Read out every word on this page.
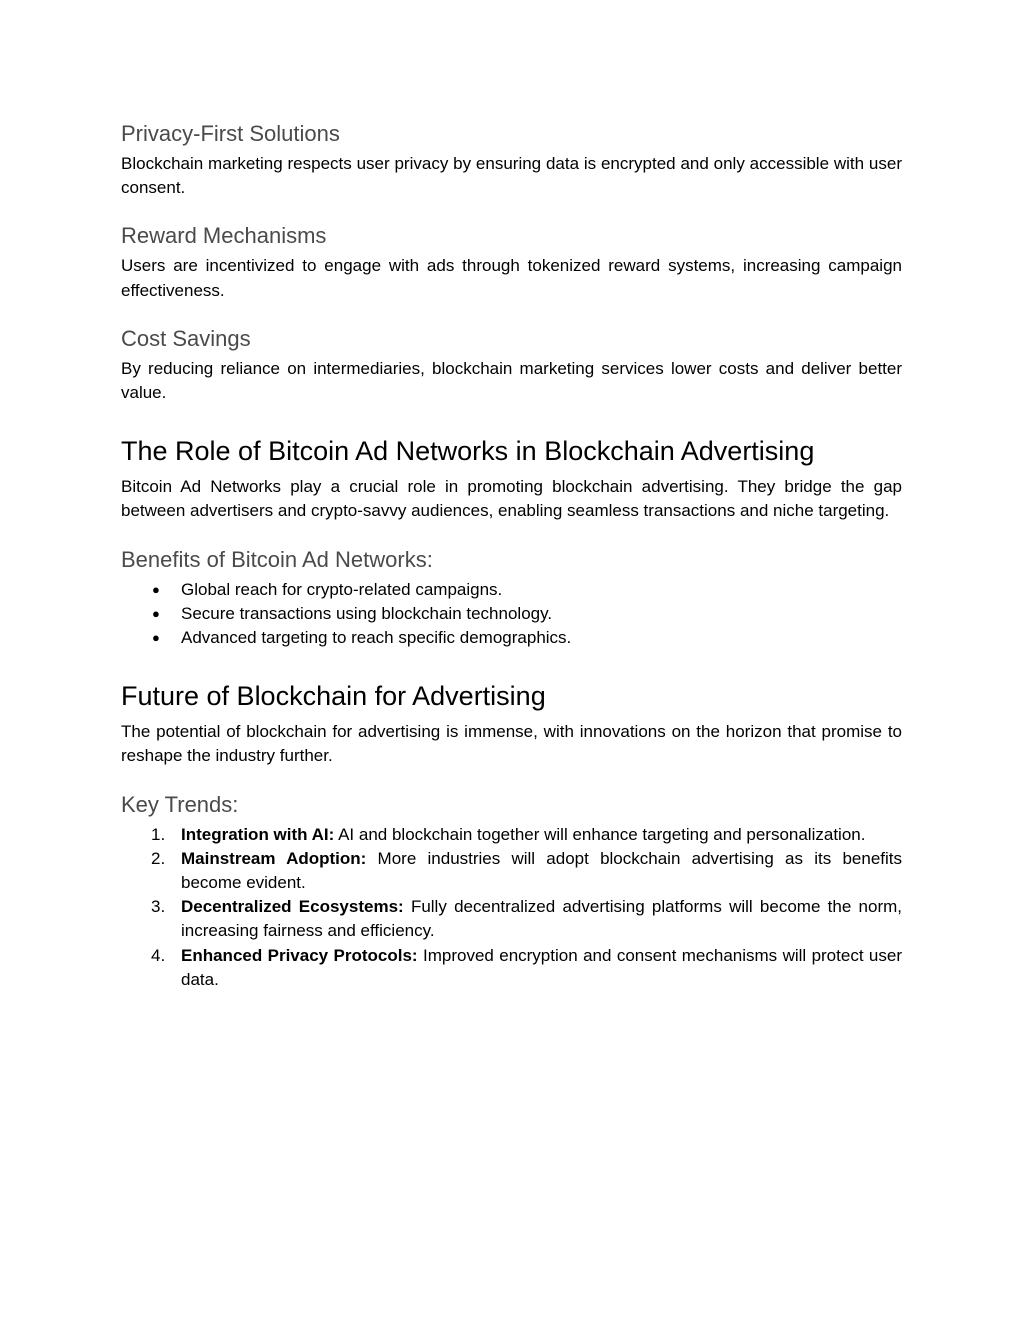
Privacy-First Solutions

Blockchain marketing respects user privacy by ensuring data is encrypted and only accessible with user consent.

Reward Mechanisms

Users are incentivized to engage with ads through tokenized reward systems, increasing campaign effectiveness.

Cost Savings

By reducing reliance on intermediaries, blockchain marketing services lower costs and deliver better value.

The Role of Bitcoin Ad Networks in Blockchain Advertising

Bitcoin Ad Networks play a crucial role in promoting blockchain advertising. They bridge the gap between advertisers and crypto-savvy audiences, enabling seamless transactions and niche targeting.

Benefits of Bitcoin Ad Networks:
● Global reach for crypto-related campaigns.
● Secure transactions using blockchain technology.
● Advanced targeting to reach specific demographics.
Future of Blockchain for Advertising

The potential of blockchain for advertising is immense, with innovations on the horizon that promise to reshape the industry further.

Key Trends:
1. Integration with AI: AI and blockchain together will enhance targeting and personalization.
2. Mainstream Adoption: More industries will adopt blockchain advertising as its benefits become evident.
3. Decentralized Ecosystems: Fully decentralized advertising platforms will become the norm, increasing fairness and efficiency.
4. Enhanced Privacy Protocols: Improved encryption and consent mechanisms will protect user data.
